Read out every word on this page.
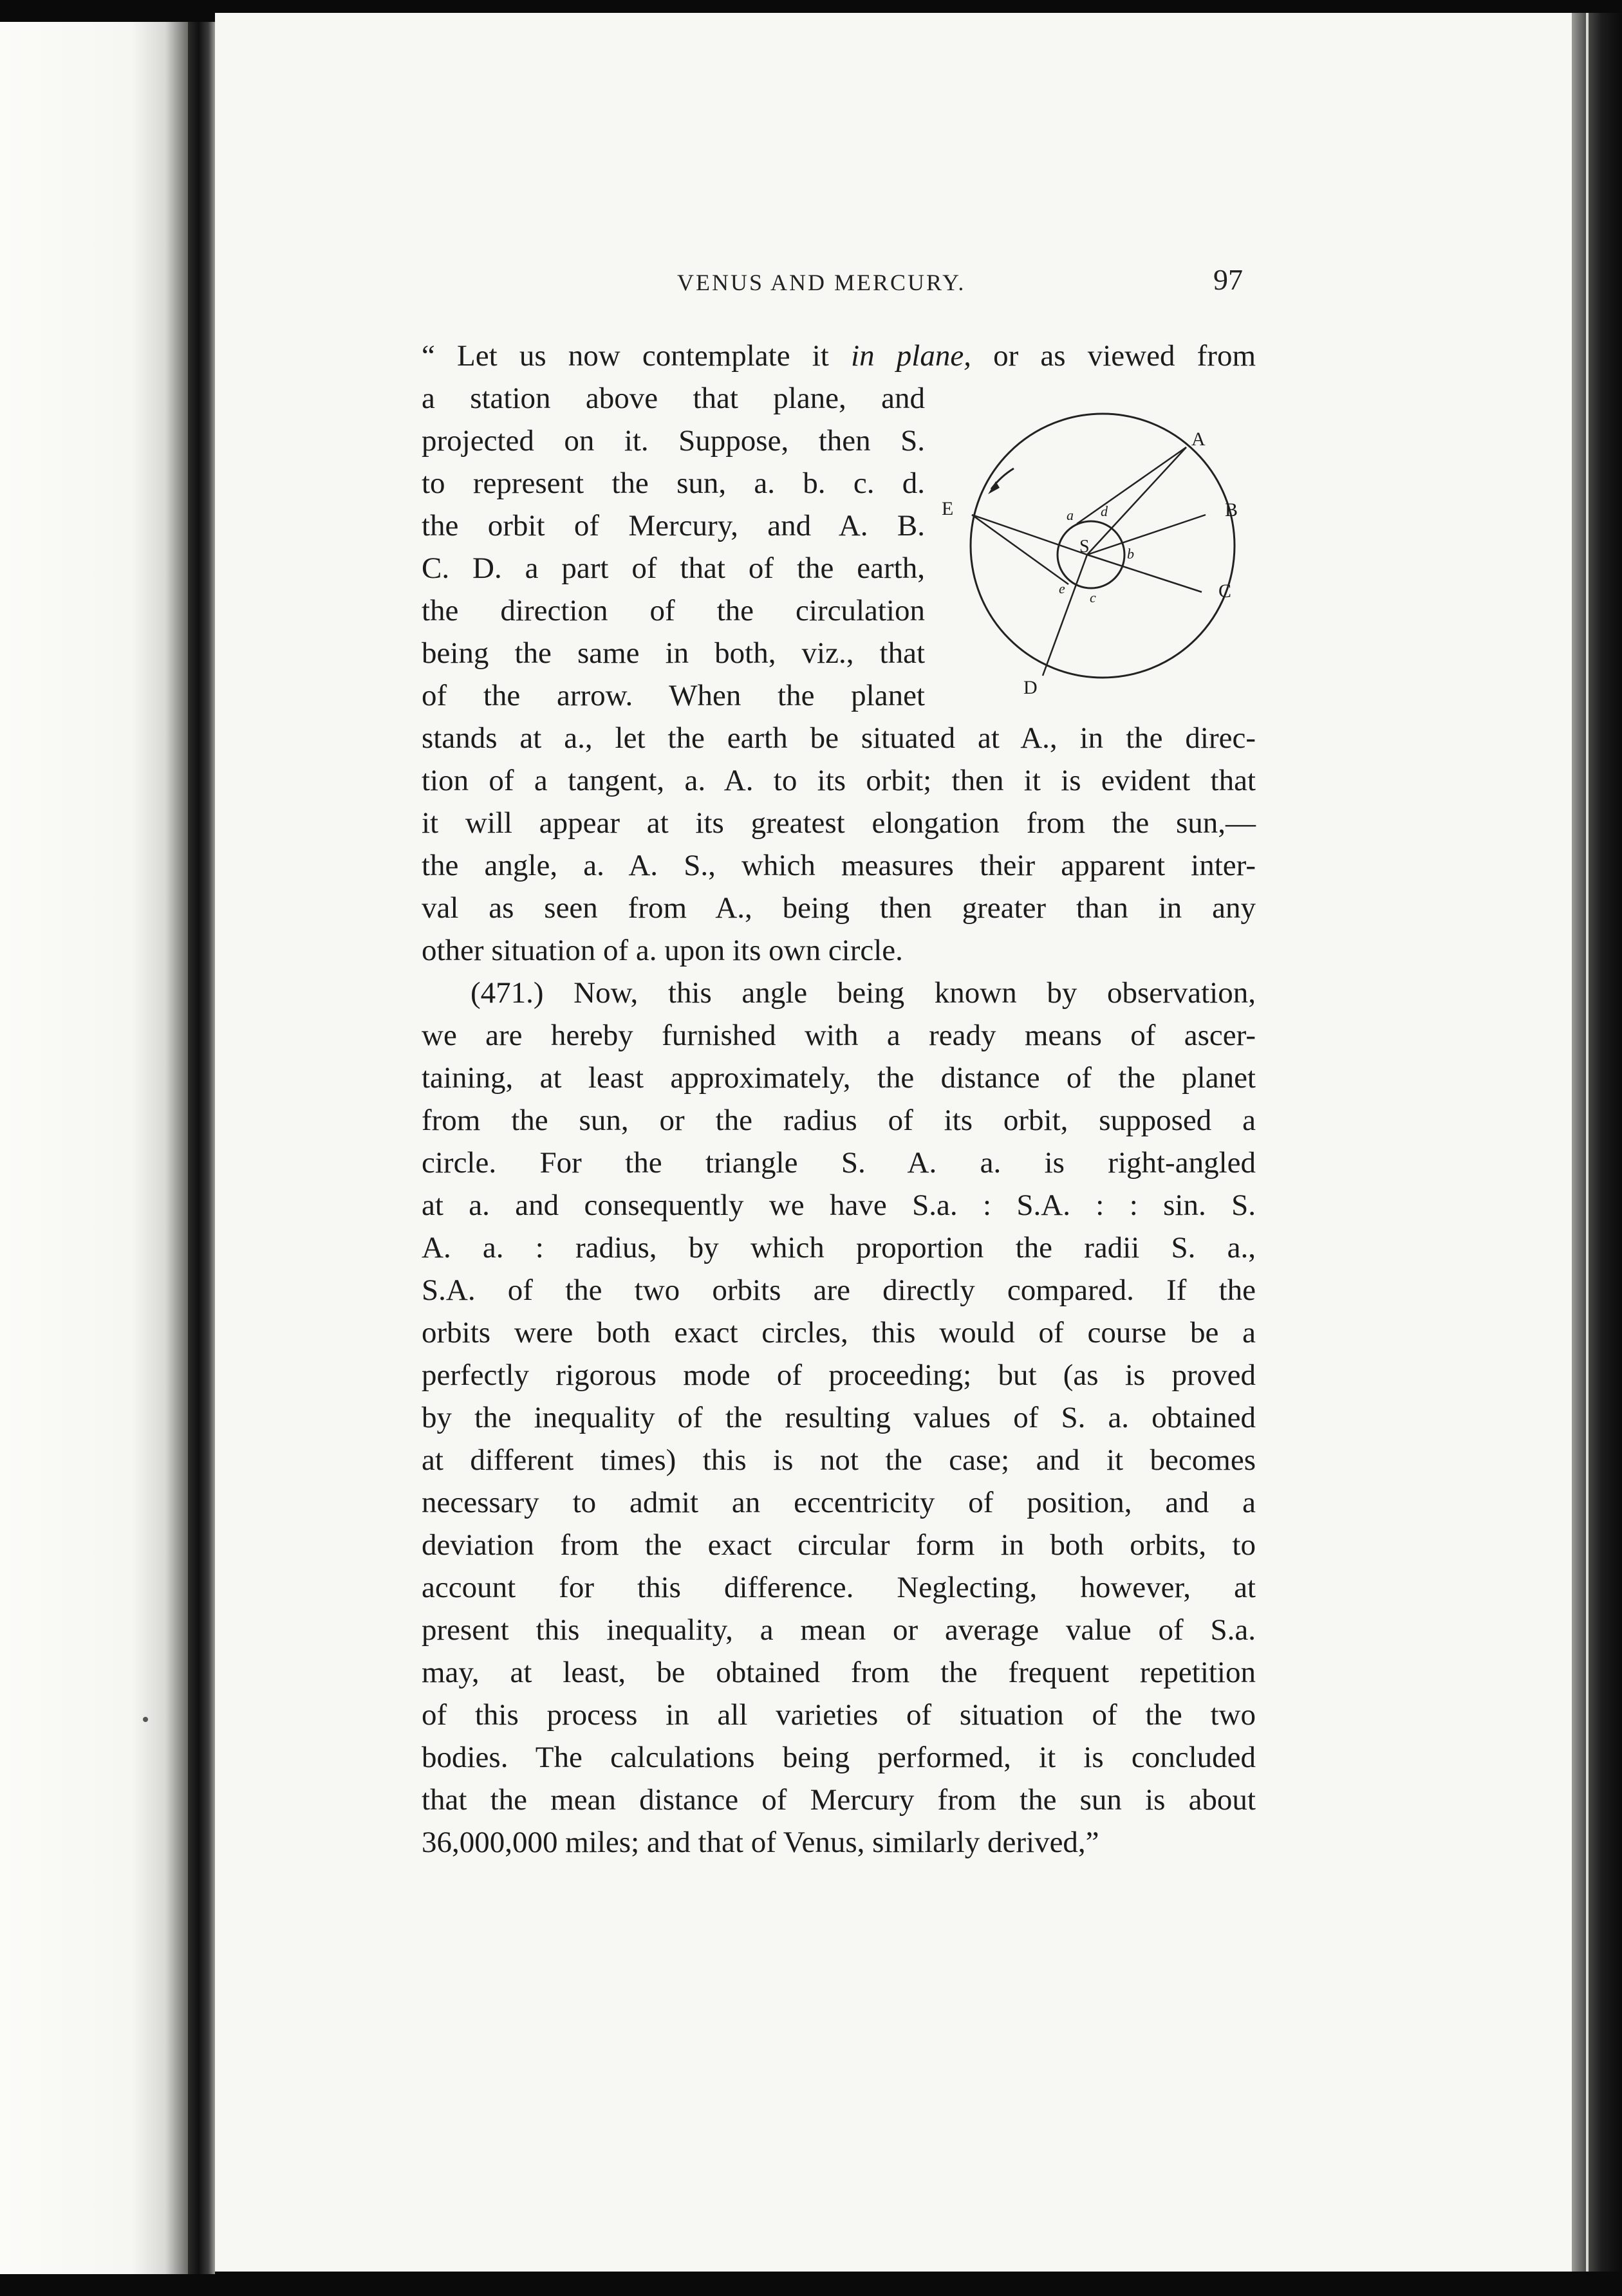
VENUS AND MERCURY.	97
A
B
C
D
E
S
a d
b
c
e

“ Let us now contemplate it in plane, or as viewed from
a station above that plane, and
projected on it. Suppose, then S.
to represent the sun, a. b. c. d.
the orbit of Mercury, and A. B.
C. D. a part of that of the earth,
the direction of the circulation
being the same in both, viz., that
of the arrow. When the planet
stands at a., let the earth be situated at A., in the direc-
tion of a tangent, a. A. to its orbit; then it is evident that
it will appear at its greatest elongation from the sun,—
the angle, a. A. S., which measures their apparent inter-
val as seen from A., being then greater than in any
other situation of a. upon its own circle.

(471.) Now, this angle being known by observation,
we are hereby furnished with a ready means of ascer-
taining, at least approximately, the distance of the planet
from the sun, or the radius of its orbit, supposed a
circle. For the triangle S. A. a. is right-angled
at a. and consequently we have S.a. : S.A. : : sin. S.
A. a. : radius, by which proportion the radii S. a.,
S.A. of the two orbits are directly compared. If the
orbits were both exact circles, this would of course be a
perfectly rigorous mode of proceeding; but (as is proved
by the inequality of the resulting values of S. a. obtained
at different times) this is not the case; and it becomes
necessary to admit an eccentricity of position, and a
deviation from the exact circular form in both orbits, to
account for this difference. Neglecting, however, at
present this inequality, a mean or average value of S.a.
may, at least, be obtained from the frequent repetition
of this process in all varieties of situation of the two
bodies. The calculations being performed, it is concluded
that the mean distance of Mercury from the sun is about
36,000,000 miles; and that of Venus, similarly derived,”
